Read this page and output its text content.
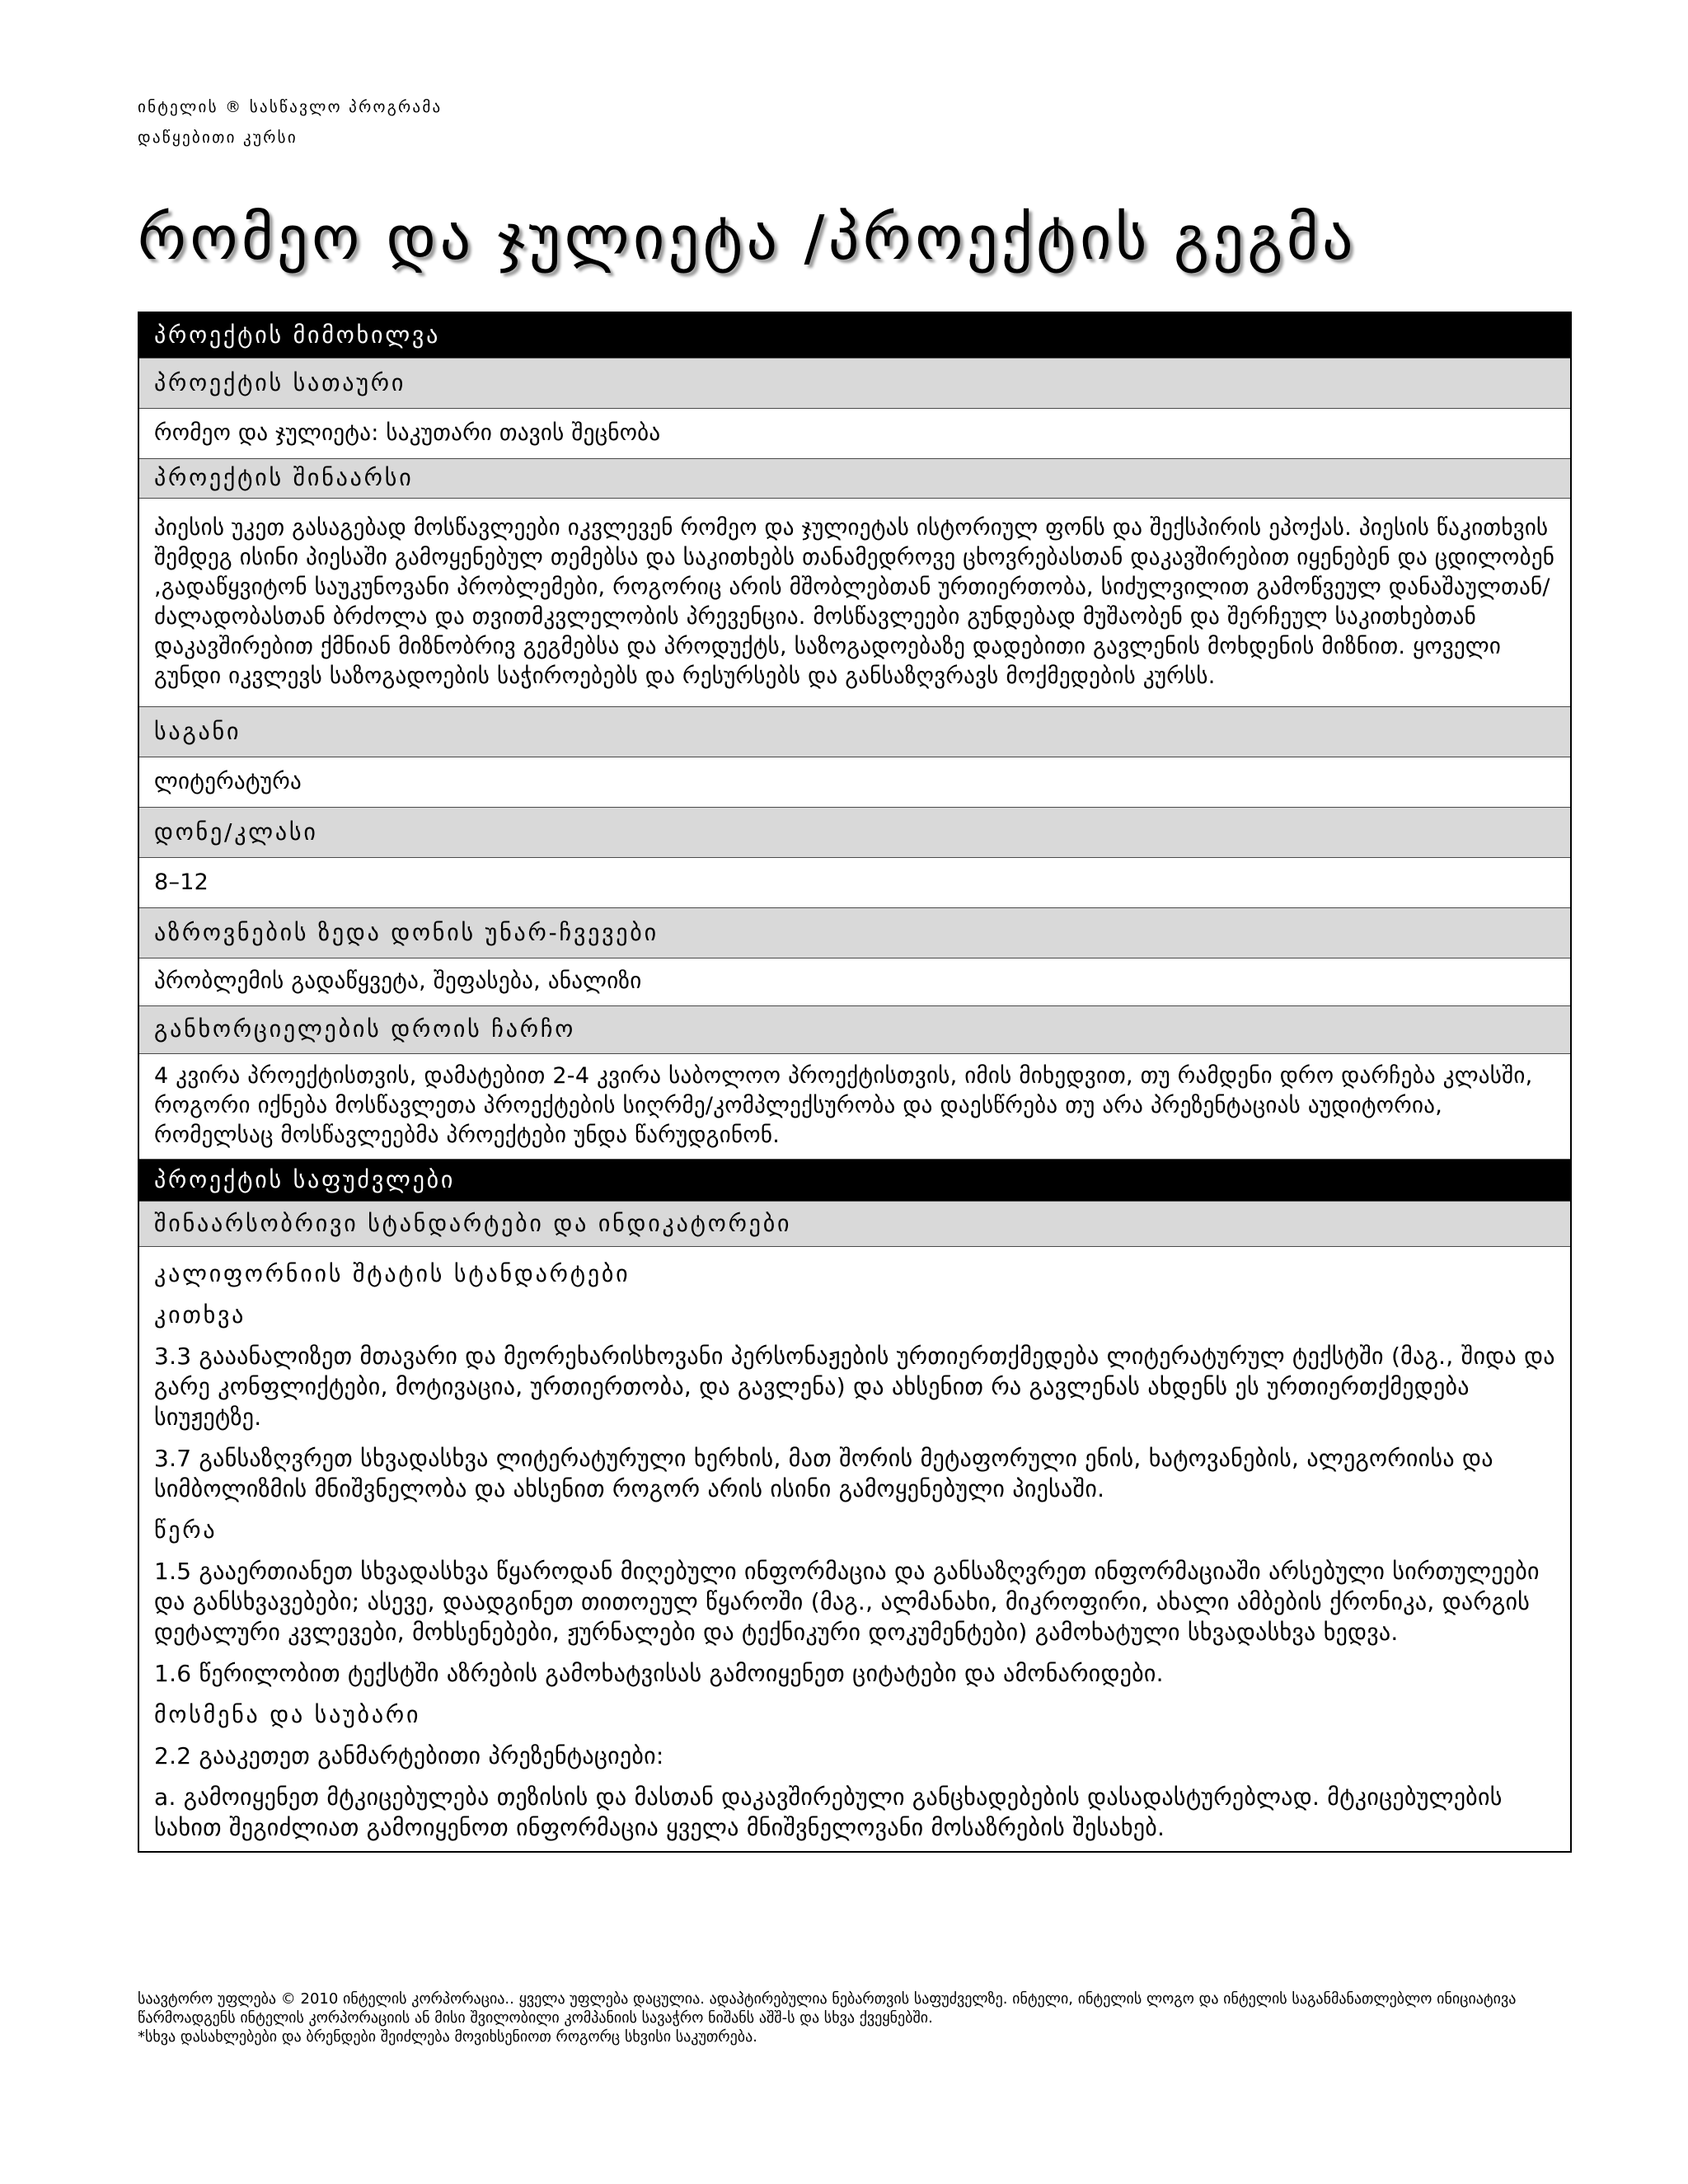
ინტელის ® სასწავლო პროგრამა
დაწყებითი კურსი
რომეო და ჯულიეტა /პროექტის გეგმა
პროექტის მიმოხილვა
პროექტის სათაური
რომეო და ჯულიეტა: საკუთარი თავის შეცნობა
პროექტის შინაარსი
პიესის უკეთ გასაგებად მოსწავლეები იკვლევენ რომეო და ჯულიეტას ისტორიულ ფონს და შექსპირის ეპოქას. პიესის წაკითხვის შემდეგ ისინი პიესაში გამოყენებულ თემებსა და საკითხებს თანამედროვე ცხოვრებასთან დაკავშირებით იყენებენ და ცდილობენ ,გადაწყვიტონ საუკუნოვანი პრობლემები, როგორიც არის მშობლებთან ურთიერთობა, სიძულვილით გამოწვეულ დანაშაულთან/ძალადობასთან ბრძოლა და თვითმკვლელობის პრევენცია. მოსწავლეები გუნდებად მუშაობენ და შერჩეულ საკითხებთან დაკავშირებით ქმნიან მიზნობრივ გეგმებსა და პროდუქტს, საზოგადოებაზე დადებითი გავლენის მოხდენის მიზნით. ყოველი გუნდი იკვლევს საზოგადოების საჭიროებებს და რესურსებს და განსაზღვრავს მოქმედების კურსს.
საგანი
ლიტერატურა
დონე/კლასი
8–12
აზროვნების ზედა დონის უნარ-ჩვევები
პრობლემის გადაწყვეტა, შეფასება, ანალიზი
განხორციელების დროის ჩარჩო
4 კვირა პროექტისთვის, დამატებით 2-4 კვირა საბოლოო პროექტისთვის, იმის მიხედვით, თუ რამდენი დრო დარჩება კლასში, როგორი იქნება მოსწავლეთა პროექტების სიღრმე/კომპლექსურობა და დაესწრება თუ არა პრეზენტაციას აუდიტორია, რომელსაც მოსწავლეებმა პროექტები უნდა წარუდგინონ.
პროექტის საფუძვლები
შინაარსობრივი სტანდარტები და ინდიკატორები

კალიფორნიის შტატის სტანდარტები

კითხვა

3.3 გააანალიზეთ მთავარი და მეორეხარისხოვანი პერსონაჟების ურთიერთქმედება ლიტერატურულ ტექსტში (მაგ., შიდა და გარე კონფლიქტები, მოტივაცია, ურთიერთობა, და გავლენა) და ახსენით რა გავლენას ახდენს ეს ურთიერთქმედება სიუჟეტზე.

3.7 განსაზღვრეთ სხვადასხვა ლიტერატურული ხერხის, მათ შორის მეტაფორული ენის, ხატოვანების, ალეგორიისა და სიმბოლიზმის მნიშვნელობა და ახსენით როგორ არის ისინი გამოყენებული პიესაში.

წერა

1.5 გააერთიანეთ სხვადასხვა წყაროდან მიღებული ინფორმაცია და განსაზღვრეთ ინფორმაციაში არსებული სირთულეები და განსხვავებები; ასევე, დაადგინეთ თითოეულ წყაროში (მაგ., ალმანახი, მიკროფირი, ახალი ამბების ქრონიკა, დარგის დეტალური კვლევები, მოხსენებები, ჟურნალები და ტექნიკური დოკუმენტები) გამოხატული სხვადასხვა ხედვა.

1.6 წერილობით ტექსტში აზრების გამოხატვისას გამოიყენეთ ციტატები და ამონარიდები.

მოსმენა და საუბარი

2.2 გააკეთეთ განმარტებითი პრეზენტაციები:

a. გამოიყენეთ მტკიცებულება თეზისის და მასთან დაკავშირებული განცხადებების დასადასტურებლად. მტკიცებულების სახით შეგიძლიათ გამოიყენოთ ინფორმაცია ყველა მნიშვნელოვანი მოსაზრების შესახებ.

საავტორო უფლება © 2010 ინტელის კორპორაცია.. ყველა უფლება დაცულია. ადაპტირებულია ნებართვის საფუძველზე. ინტელი, ინტელის ლოგო და ინტელის საგანმანათლებლო ინიციატივა წარმოადგენს ინტელის კორპორაციის ან მისი შვილობილი კომპანიის სავაჭრო ნიშანს აშშ-ს და სხვა ქვეყნებში.

*სხვა დასახლებები და ბრენდები შეიძლება მოვიხსენიოთ როგორც სხვისი საკუთრება.
